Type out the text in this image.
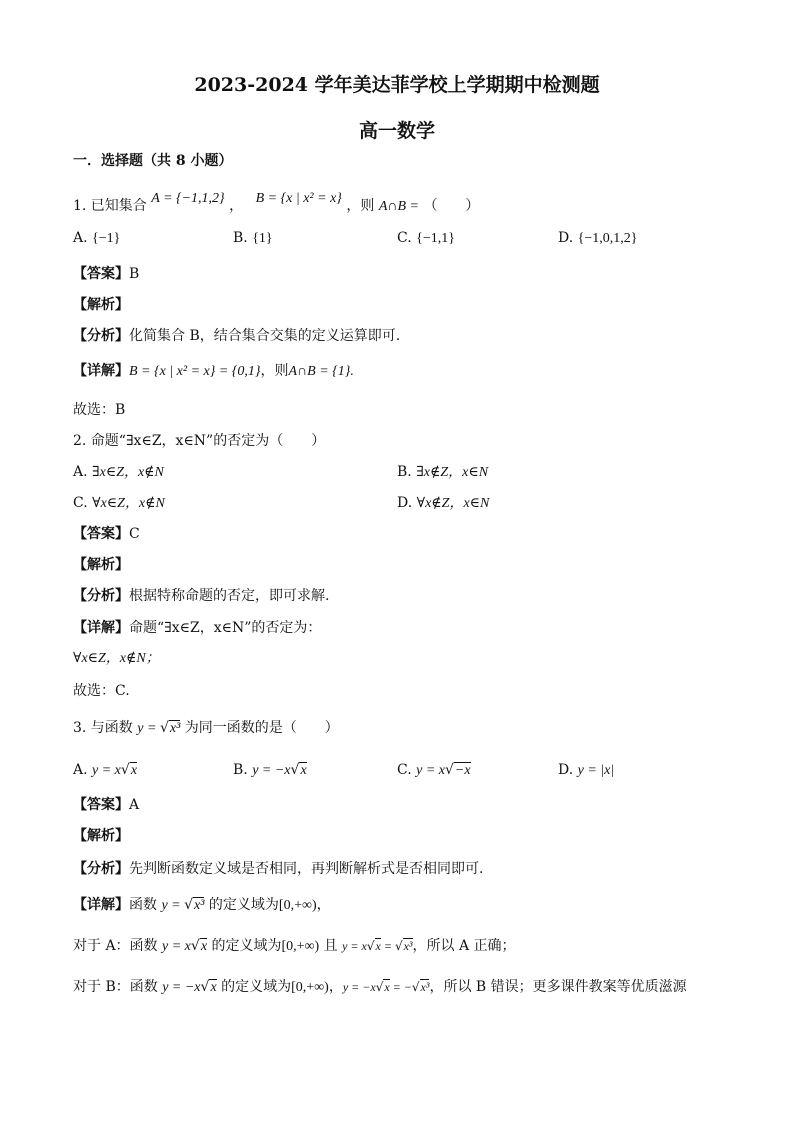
2023-2024 学年美达菲学校上学期期中检测题
高一数学
一．选择题（共 8 小题）
1. 已知集合 A = {−1,1,2} ， B = {x | x² = x} ，则 A∩B = （　　）
A. {−1}	B. {1}	C. {−1,1}	D. {−1,0,1,2}
【答案】B
【解析】
【分析】化简集合 B，结合集合交集的定义运算即可.
【详解】B = {x | x² = x} = {0,1}，则A∩B = {1}.
故选：B
2. 命题“∃x∈Z，x∈N”的否定为（　　）
A. ∃x∈Z，x∉N	B. ∃x∉Z，x∈N
C. ∀x∈Z，x∉N	D. ∀x∉Z，x∈N
【答案】C
【解析】
【分析】根据特称命题的否定，即可求解.
【详解】命题“∃x∈Z，x∈N”的否定为：
∀x∈Z，x∉N；
故选：C.
3. 与函数 y = √x³ 为同一函数的是（　　）
A. y = x√x	B. y = −x√x	C. y = x√−x	D. y = |x|
【答案】A
【解析】
【分析】先判断函数定义域是否相同，再判断解析式是否相同即可.
【详解】函数 y = √x³ 的定义域为[0,+∞)，
对于 A：函数 y = x√x 的定义域为[0,+∞) 且 y = x√x = √x³，所以 A 正确；
对于 B：函数 y = −x√x 的定义域为[0,+∞)，y = −x√x = −√x³，所以 B 错误；更多课件教案等优质滋源
